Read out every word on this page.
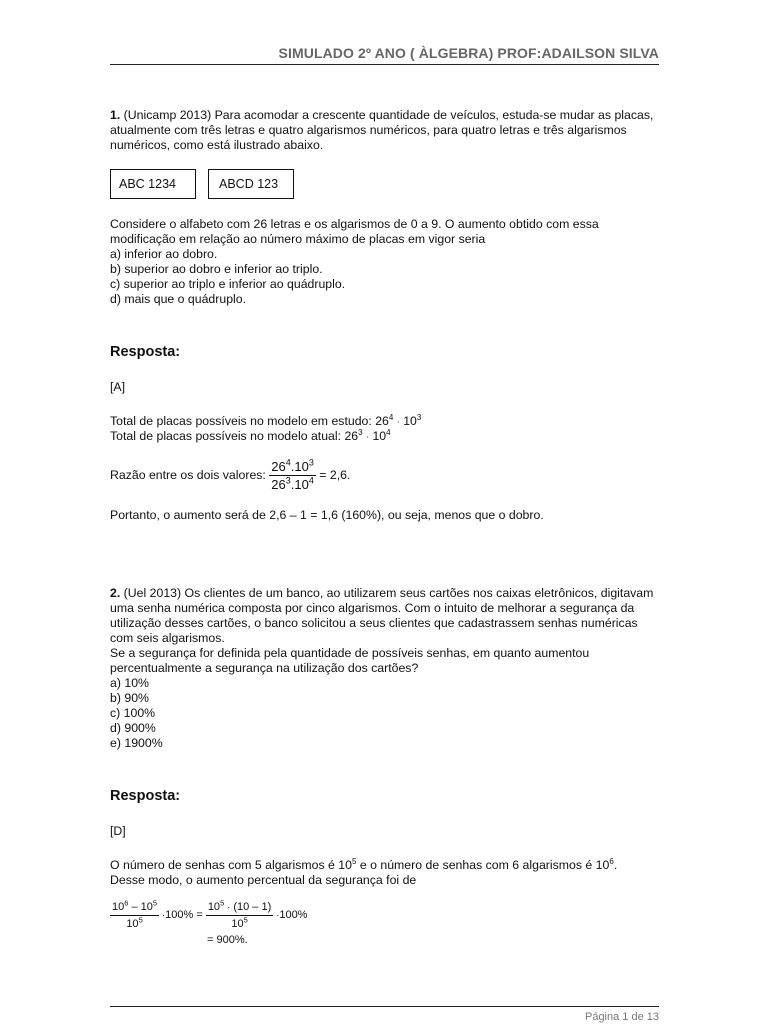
SIMULADO 2º ANO ( ÀLGEBRA) PROF:ADAILSON SILVA

1. (Unicamp 2013) Para acomodar a crescente quantidade de veículos, estuda-se mudar as placas, atualmente com três letras e quatro algarismos numéricos, para quatro letras e três algarismos numéricos, como está ilustrado abaixo.

ABC 1234	ABCD 123

Considere o alfabeto com 26 letras e os algarismos de 0 a 9. O aumento obtido com essa
modificação em relação ao número máximo de placas em vigor seria

a) inferior ao dobro.

b) superior ao dobro e inferior ao triplo.

c) superior ao triplo e inferior ao quádruplo.

d) mais que o quádruplo.

Resposta:

[A]

Total de placas possíveis no modelo em estudo: $26^4 \cdot 10^3$

Total de placas possíveis no modelo atual: $26^3 \cdot 10^4$

Razão entre os dois valores: $\frac{26^4.10^3}{26^3.10^4} = 2,6$.

Portanto, o aumento será de 2,6 – 1 = 1,6 (160%), ou seja, menos que o dobro.

2. (Uel 2013) Os clientes de um banco, ao utilizarem seus cartões nos caixas eletrônicos, digitavam uma senha numérica composta por cinco algarismos. Com o intuito de melhorar a segurança da utilização desses cartões, o banco solicitou a seus clientes que cadastrassem senhas numéricas com seis algarismos.

Se a segurança for definida pela quantidade de possíveis senhas, em quanto aumentou percentualmente a segurança na utilização dos cartões?

a) 10%

b) 90%

c) 100%

d) 900%

e) 1900%

Resposta:

[D]

O número de senhas com 5 algarismos é $10^5$ e o número de senhas com 6 algarismos é $10^6$.
Desse modo, o aumento percentual da segurança foi de

$\frac{10^6 - 10^5}{10^5} \cdot 100\% = \frac{10^5 \cdot (10 - 1)}{10^5} \cdot 100\%$
= 900%.
Página 1 de 13
